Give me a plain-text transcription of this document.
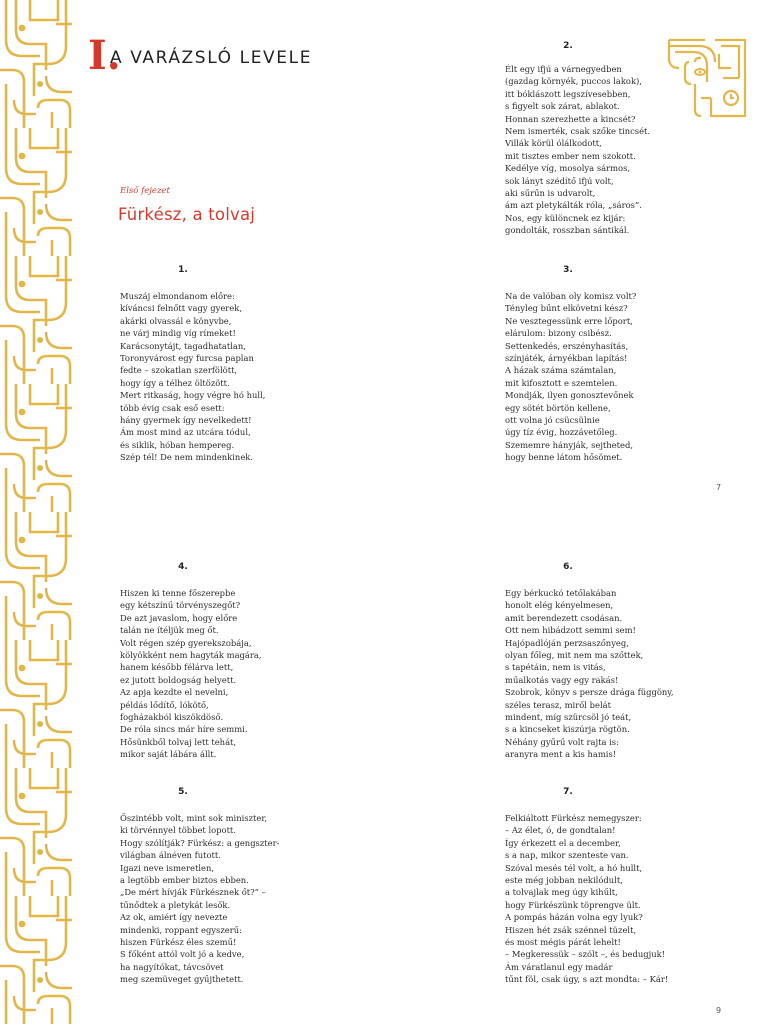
I.
A VARÁZSLÓ LEVELE
Első fejezet
Fürkész, a tolvaj
1.
Muszáj elmondanom előre:
kíváncsi felnőtt vagy gyerek,
akárki olvassál e könyvbe,
ne várj mindig víg rímeket!
Karácsonytájt, tagadhatatlan,
Toronyvárost egy furcsa paplan
fedte – szokatlan szerfölött,
hogy így a télhez öltözött.
Mert ritkaság, hogy végre hó hull,
több évig csak eső esett:
hány gyermek így nevelkedett!
Ám most mind az utcára tódul,
és siklik, hóban hempereg.
Szép tél! De nem mindenkinek.
2.
Élt egy ifjú a várnegyedben
(gazdag környék, puccos lakok),
itt bóklászott legszívesebben,
s figyelt sok zárat, ablakot.
Honnan szerezhette a kincsét?
Nem ismerték, csak szőke tincsét.
Villák körül ólálkodott,
mit tisztes ember nem szokott.
Kedélye víg, mosolya sármos,
sok lányt szédítő ifjú volt,
aki sűrűn is udvarolt,
ám azt pletykálták róla, „sáros”.
Nos, egy különcnek ez kijár:
gondolták, rosszban sántikál.
3.
Na de valóban oly komisz volt?
Tényleg bűnt elkövetni kész?
Ne vesztegessünk erre lőport,
elárulom: bizony csibész.
Settenkedés, erszényhasítás,
színjáték, árnyékban lapítás!
A házak száma számtalan,
mit kifosztott e szemtelen.
Mondják, ilyen gonosztevőnek
egy sötét börtön kellene,
ott volna jó csücsülnie
úgy tíz évig, hozzávetőleg.
Szememre hányják, sejtheted,
hogy benne látom hősömet.
4.
Hiszen ki tenne főszerepbe
egy kétszínű törvényszegőt?
De azt javaslom, hogy előre
talán ne ítéljük meg őt.
Volt régen szép gyerekszobája,
kölyökként nem hagyták magára,
hanem később félárva lett,
ez jutott boldogság helyett.
Az apja kezdte el nevelni,
példás lődítő, lókötő,
fogházakból kiszökdöső.
De róla sincs már híre semmi.
Hősünkből tolvaj lett tehát,
mikor saját lábára állt.
5.
Őszintébb volt, mint sok miniszter,
ki törvénnyel többet lopott.
Hogy szólítják? Fürkész: a gengszter-
világban álnéven futott.
Igazi neve ismeretlen,
a legtöbb ember biztos ebben.
„De mért hívják Fürkésznek őt?” –
tűnődtek a pletykát lesők.
Az ok, amiért így nevezte
mindenki, roppant egyszerű:
hiszen Fürkész éles szemű!
S főként attól volt jó a kedve,
ha nagyítókat, távcsövet
meg szemüveget gyűjthetett.
6.
Egy bérkuckó tetőlakában
honolt elég kényelmesen,
amit berendezett csodásan.
Ott nem hibádzott semmi sem!
Hajópadlóján perzsaszőnyeg,
olyan főleg, mit nem ma szőttek,
s tapétáin, nem is vitás,
műalkotás vagy egy rakás!
Szobrok, könyv s persze drága függöny,
széles terasz, miről belát
mindent, míg szürcsöl jó teát,
s a kincseket kiszúrja rögtön.
Néhány gyűrű volt rajta is:
aranyra ment a kis hamis!
7.
Felkiáltott Fürkész nemegyszer:
– Az élet, ó, de gondtalan!
Így érkezett el a december,
s a nap, mikor szenteste van.
Szóval mesés tél volt, a hó hullt,
este még jobban nekilódult,
a tolvajlak meg úgy kihűlt,
hogy Fürkészünk töprengve ült.
A pompás házán volna egy lyuk?
Hiszen hét zsák szénnel tüzelt,
és most mégis párát lehelt!
– Megkeressük – szólt –, és bedugjuk!
Ám váratlanul egy madár
tűnt föl, csak úgy, s azt mondta: – Kár!
7
9
